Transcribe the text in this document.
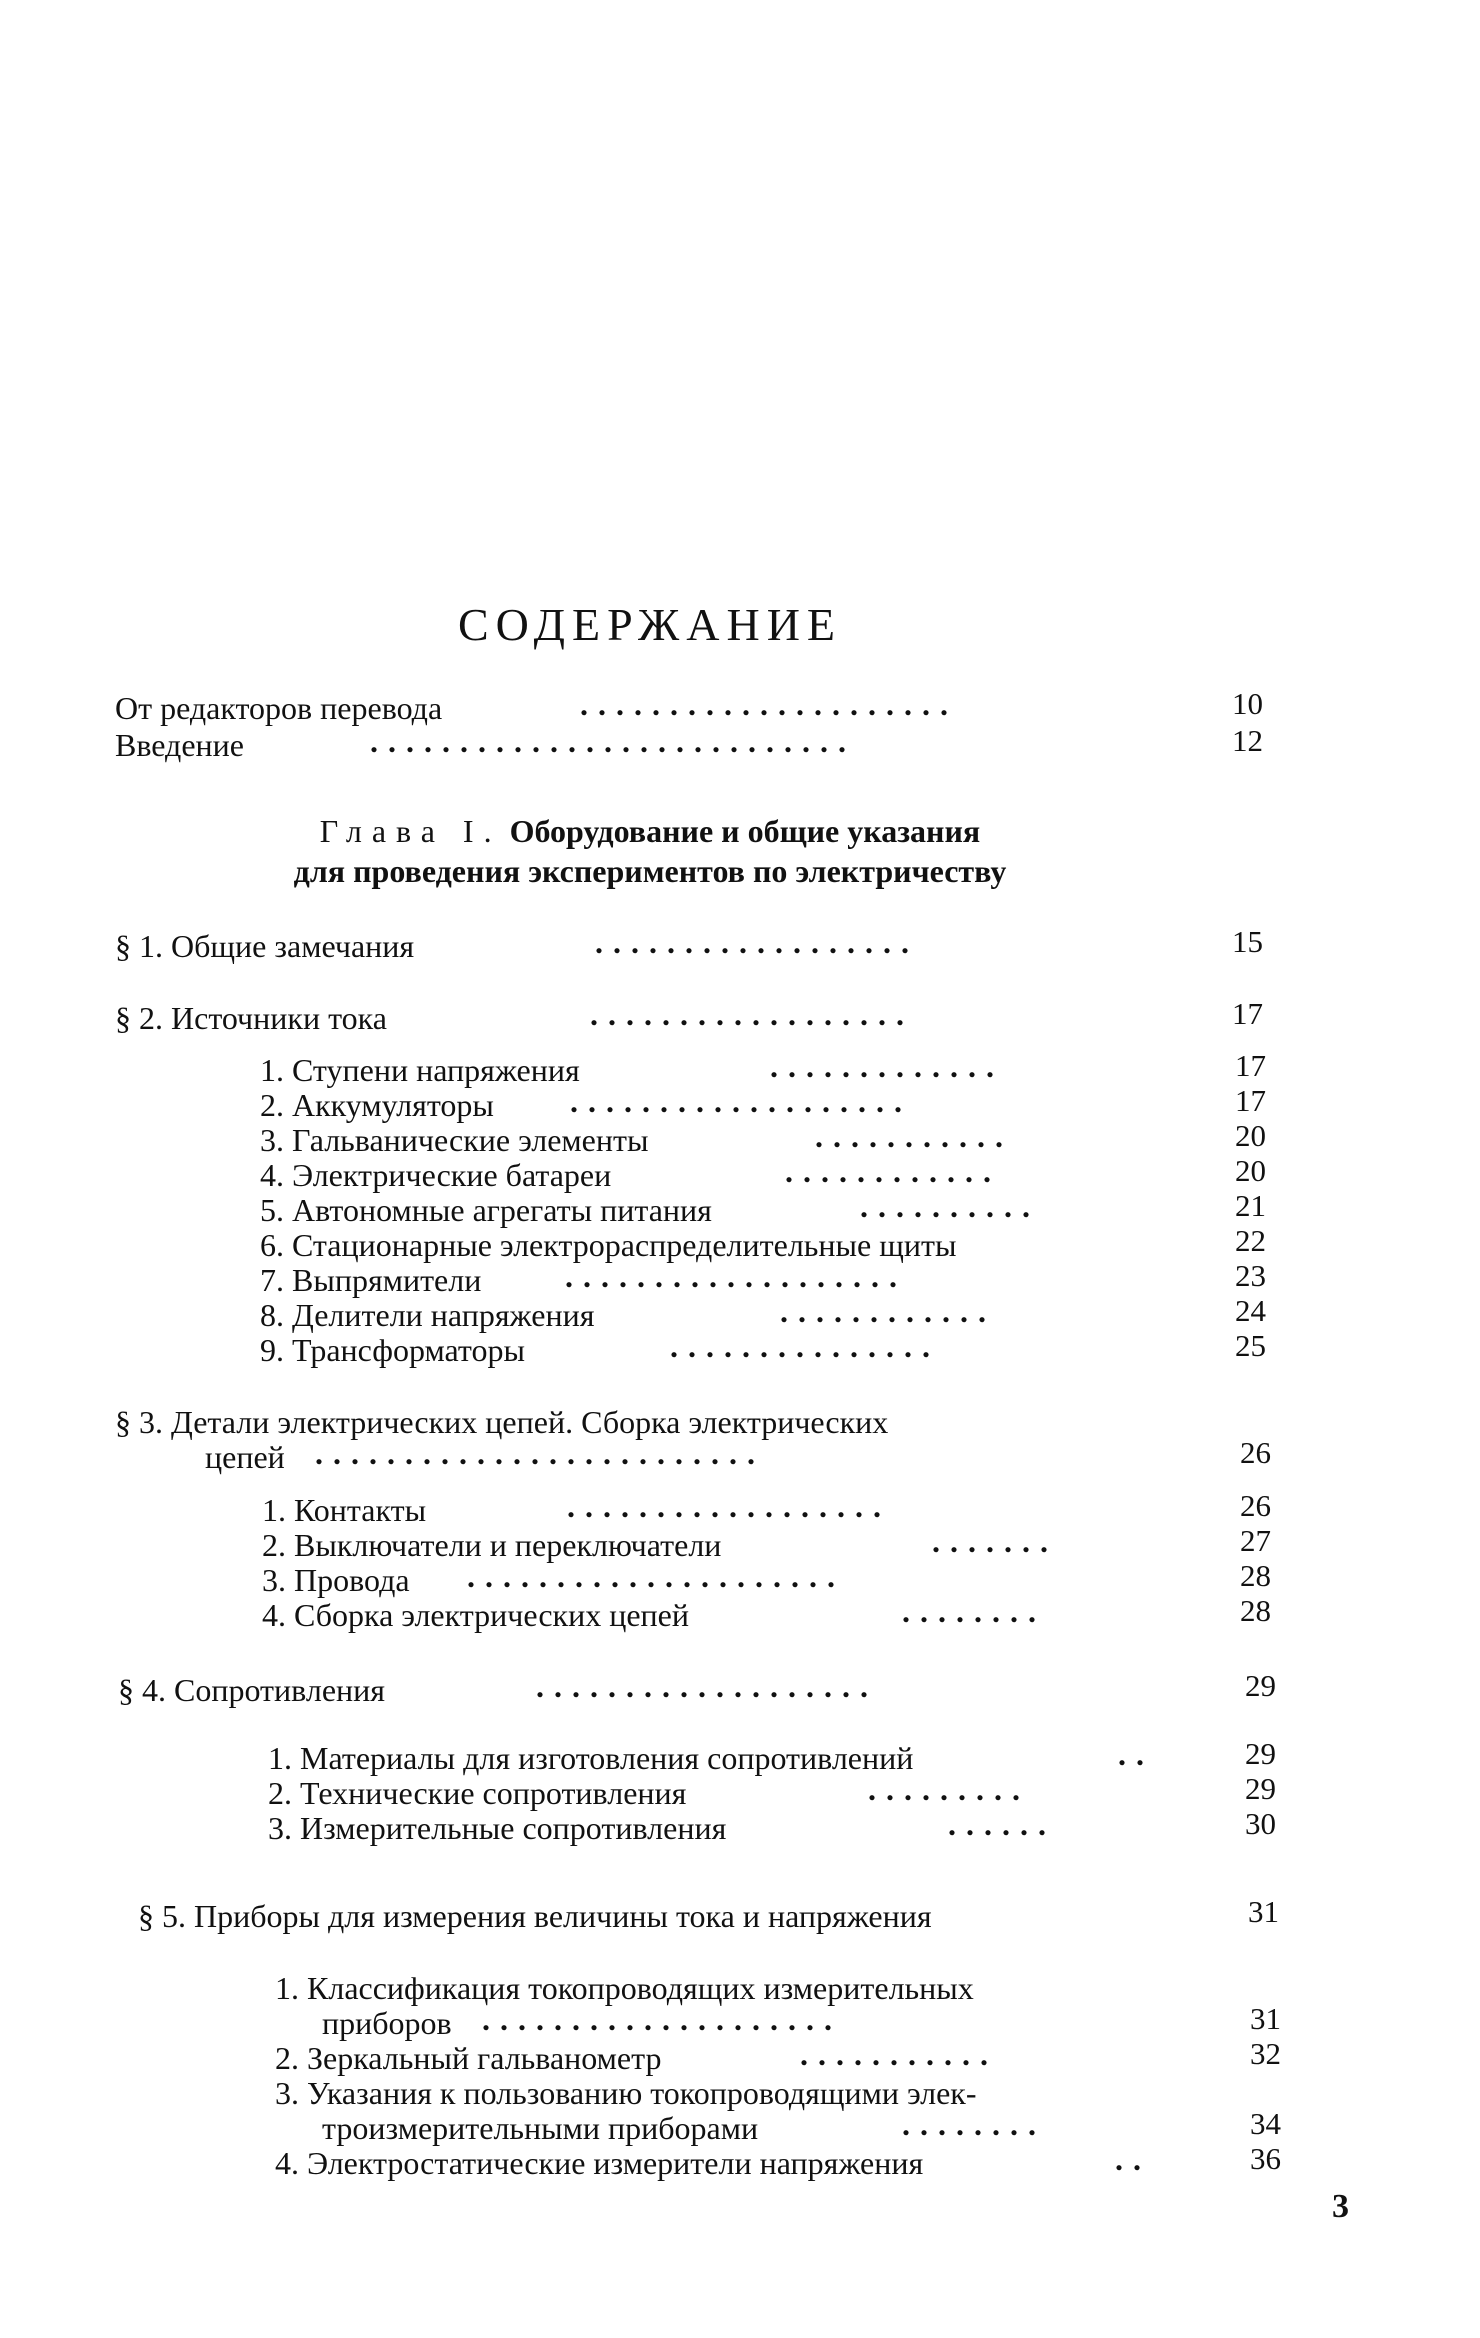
СОДЕРЖАНИЕ
От редакторов перевода	.....................	10
Введение	...........................	12
Глава I. Оборудование и общие указания
для проведения экспериментов по электричеству
§ 1. Общие замечания	..................	15
§ 2. Источники тока	..................	17
1. Ступени напряжения	.............	17
2. Аккумуляторы ...................	17
3. Гальванические элементы	...........	20
4. Электрические батареи	............	20
5. Автономные агрегаты питания	..........	21
6. Стационарные электрораспределительные щиты	22
7. Выпрямители	...................	23
8. Делители напряжения	............	24
9. Трансформаторы	...............	25
§ 3. Детали электрических цепей. Сборка электрических
цепей .........................	26
1. Контакты	..................	26
2. Выключатели и переключатели	.......	27
3. Провода .....................	28
4. Сборка электрических цепей	........	28
§ 4. Сопротивления	...................	29
1. Материалы для изготовления сопротивлений	..	29
2. Технические сопротивления	.........	29
3. Измерительные сопротивления	......	30
§ 5. Приборы для измерения величины тока и напряжения	31
1. Классификация токопроводящих измерительных
приборов ....................	31
2. Зеркальный гальванометр	...........	32
3. Указания к пользованию токопроводящими элек-
троизмерительными приборами	........	34
4. Электростатические измерители напряжения	..	36
3
